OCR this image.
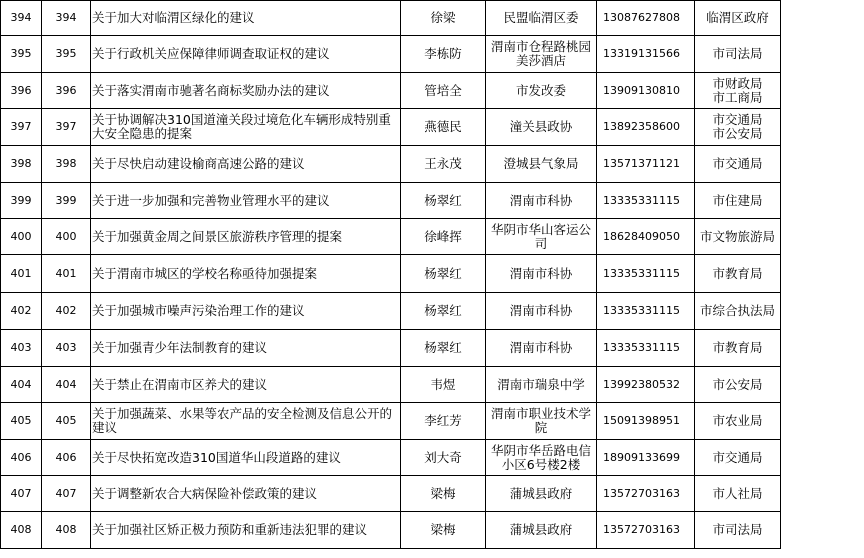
394	394	关于加大对临渭区绿化的建议	徐梁	民盟临渭区委	13087627808	临渭区政府
395	395	关于行政机关应保障律师调查取证权的建议	李栋防	渭南市仓程路桃园美莎酒店	13319131566	市司法局
396	396	关于落实渭南市驰著名商标奖励办法的建议	管培全	市发改委	13909130810	市财政局
市工商局
397	397	关于协调解决310国道潼关段过境危化车辆形成特别重大安全隐患的提案	燕德民	潼关县政协	13892358600	市交通局
市公安局
398	398	关于尽快启动建设榆商高速公路的建议	王永茂	澄城县气象局	13571371121	市交通局
399	399	关于进一步加强和完善物业管理水平的建议	杨翠红	渭南市科协	13335331115	市住建局
400	400	关于加强黄金周之间景区旅游秩序管理的提案	徐峰挥	华阴市华山客运公司	18628409050	市文物旅游局
401	401	关于渭南市城区的学校名称亟待加强提案	杨翠红	渭南市科协	13335331115	市教育局
402	402	关于加强城市噪声污染治理工作的建议	杨翠红	渭南市科协	13335331115	市综合执法局
403	403	关于加强青少年法制教育的建议	杨翠红	渭南市科协	13335331115	市教育局
404	404	关于禁止在渭南市区养犬的建议	韦煜	渭南市瑞泉中学	13992380532	市公安局
405	405	关于加强蔬菜、水果等农产品的安全检测及信息公开的建议	李红芳	渭南市职业技术学院	15091398951	市农业局
406	406	关于尽快拓宽改造310国道华山段道路的建议	刘大奇	华阴市华岳路电信小区6号楼2楼	18909133699	市交通局
407	407	关于调整新农合大病保险补偿政策的建议	梁梅	蒲城县政府	13572703163	市人社局
408	408	关于加强社区矫正极力预防和重新违法犯罪的建议	梁梅	蒲城县政府	13572703163	市司法局
